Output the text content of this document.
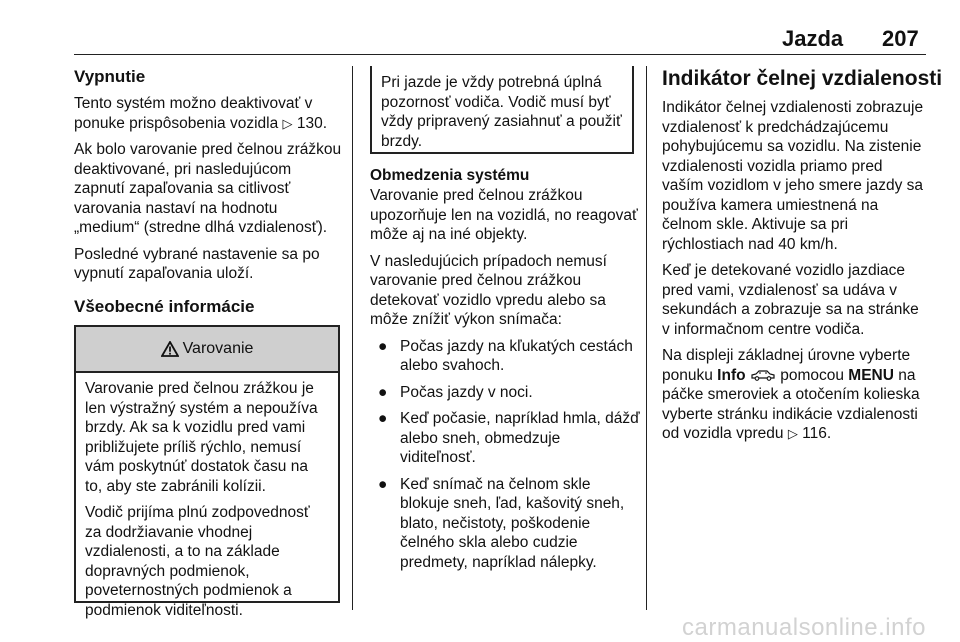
Jazda 207
Vypnutie

Tento systém možno deaktivovať v ponuke prispôsobenia vozidla ▷ 130.

Ak bolo varovanie pred čelnou zrážkou deaktivované, pri nasledujúcom zapnutí zapaľovania sa citlivosť varovania nastaví na hodnotu „medium“ (stredne dlhá vzdialenosť).

Posledné vybrané nastavenie sa po vypnutí zapaľovania uloží.

Všeobecné informácie
Varovanie

Varovanie pred čelnou zrážkou je len výstražný systém a nepoužíva brzdy. Ak sa k vozidlu pred vami približujete príliš rýchlo, nemusí vám poskytnúť dostatok času na to, aby ste zabránili kolízii.

Vodič prijíma plnú zodpovednosť za dodržiavanie vhodnej vzdialenosti, a to na základe dopravných podmienok, poveternostných podmienok a podmienok viditeľnosti.

Pri jazde je vždy potrebná úplná pozornosť vodiča. Vodič musí byť vždy pripravený zasiahnuť a použiť brzdy.
Obmedzenia systému

Varovanie pred čelnou zrážkou upozorňuje len na vozidlá, no reagovať môže aj na iné objekty.

V nasledujúcich prípadoch nemusí varovanie pred čelnou zrážkou detekovať vozidlo vpredu alebo sa môže znížiť výkon snímača:

● Počas jazdy na kľukatých cestách alebo svahoch.
● Počas jazdy v noci.
● Keď počasie, napríklad hmla, dážď alebo sneh, obmedzuje viditeľnosť.
● Keď snímač na čelnom skle blokuje sneh, ľad, kašovitý sneh, blato, nečistoty, poškodenie čelného skla alebo cudzie predmety, napríklad nálepky.
Indikátor čelnej vzdialenosti

Indikátor čelnej vzdialenosti zobrazuje vzdialenosť k predchádzajúcemu pohybujúcemu sa vozidlu. Na zistenie vzdialenosti vozidla priamo pred vaším vozidlom v jeho smere jazdy sa používa kamera umiestnená na čelnom skle. Aktivuje sa pri rýchlostiach nad 40 km/h.

Keď je detekované vozidlo jazdiace pred vami, vzdialenosť sa udáva v sekundách a zobrazuje sa na stránke v informačnom centre vodiča.

Na displeji základnej úrovne vyberte ponuku Info  pomocou MENU na páčke smeroviek a otočením kolieska vyberte stránku indikácie vzdialenosti od vozidla vpredu ▷ 116.

carmanualsonline.info
